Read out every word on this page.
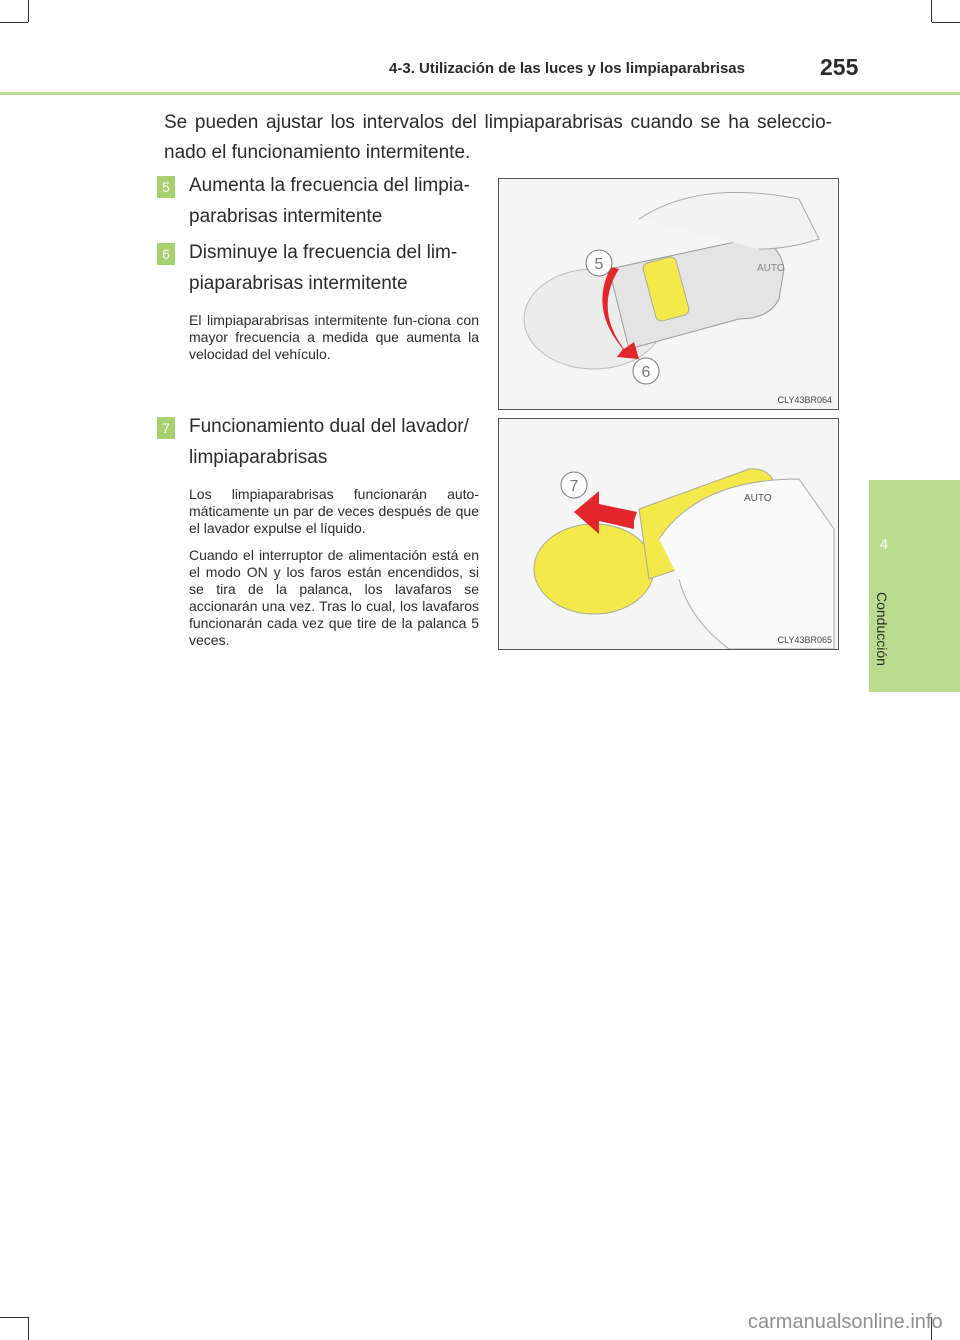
4-3. Utilización de las luces y los limpiaparabrisas	255
4
Conducción
Se pueden ajustar los intervalos del limpiaparabrisas cuando se ha seleccio-nado el funcionamiento intermitente.
5 Aumenta la frecuencia del limpia-parabrisas intermitente
6 Disminuye la frecuencia del lim-piaparabrisas intermitente

El limpiaparabrisas intermitente fun-ciona con mayor frecuencia a medida que aumenta la velocidad del vehículo.

7 Funcionamiento dual del lavador/ limpiaparabrisas

Los limpiaparabrisas funcionarán auto-máticamente un par de veces después de que el lavador expulse el líquido.

Cuando el interruptor de alimentación está en el modo ON y los faros están encendidos, si se tira de la palanca, los lavafaros se accionarán una vez. Tras lo cual, los lavafaros funcionarán cada vez que tire de la palanca 5 veces.

5
6
AUTO
CLY43BR064
7
AUTO
CLY43BR065
carmanualsonline.info
